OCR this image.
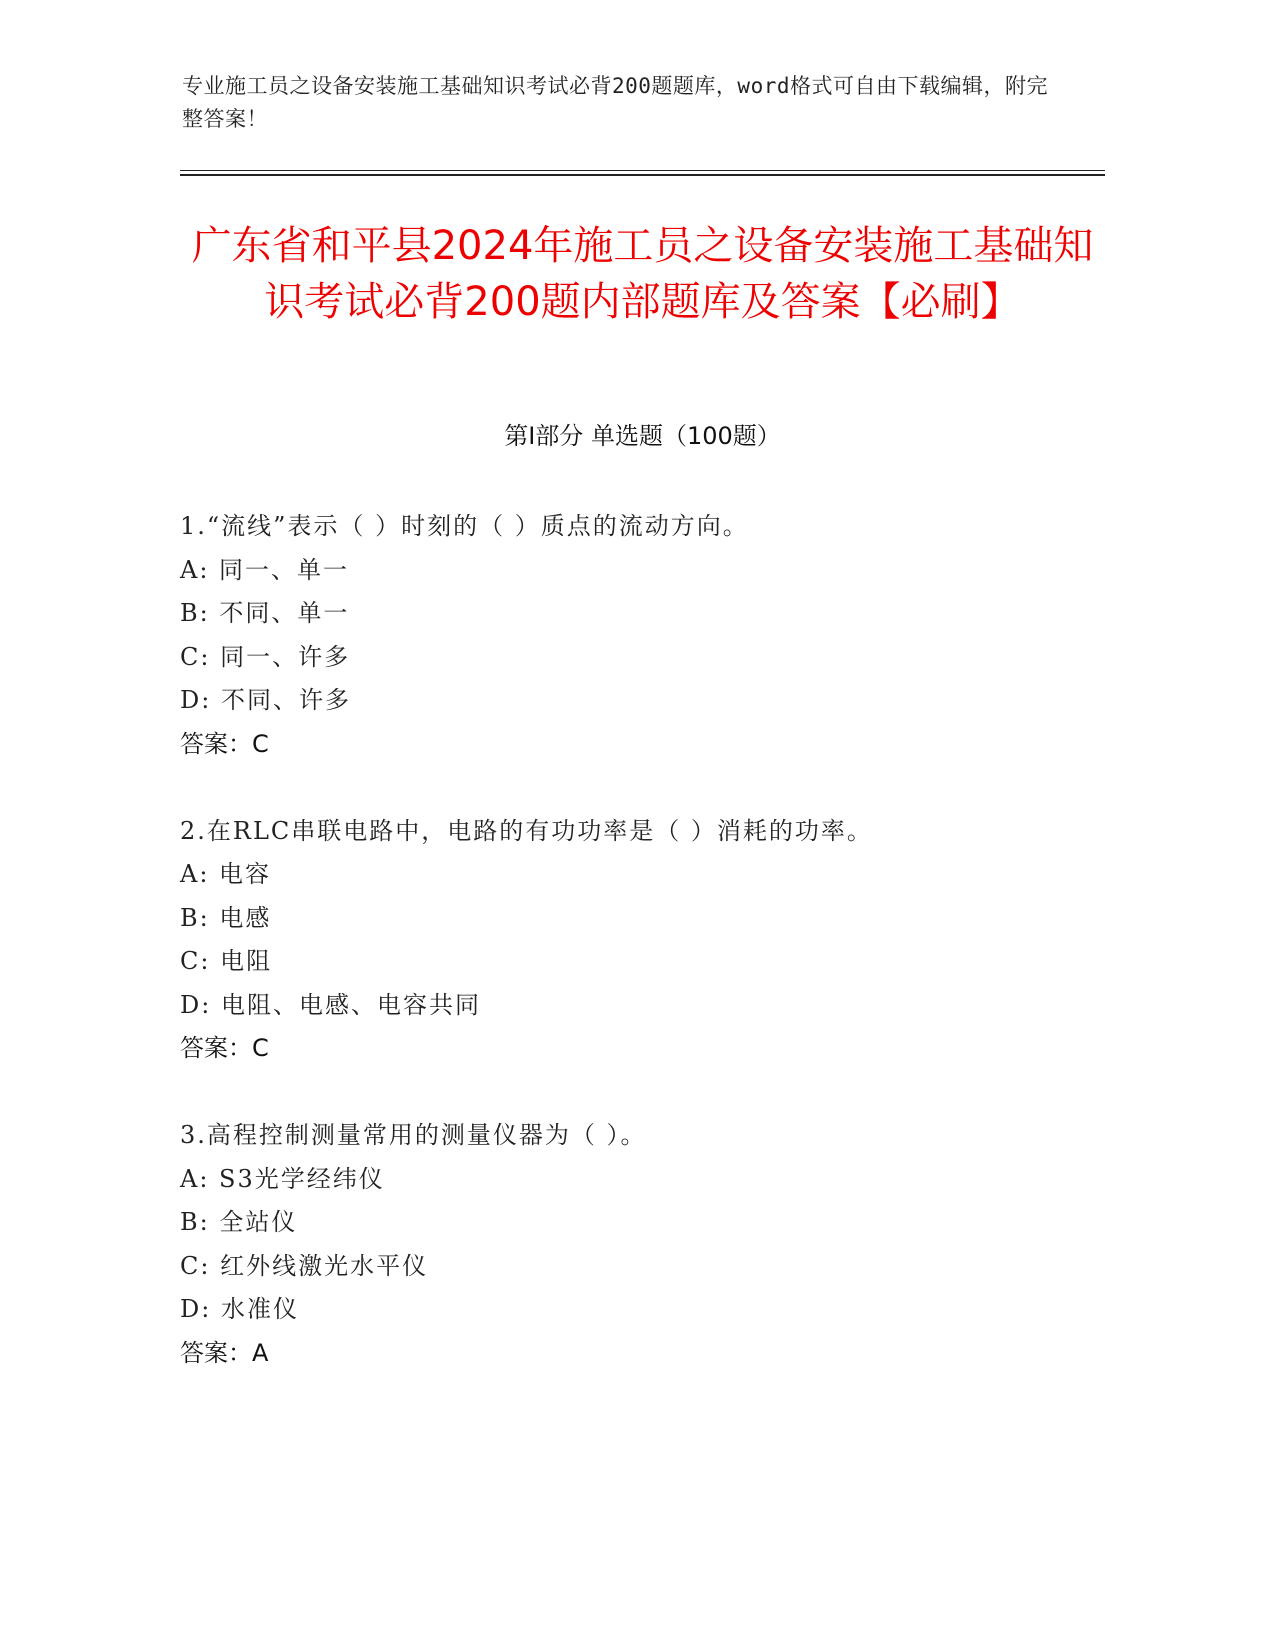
专业施工员之设备安装施工基础知识考试必背200题题库，word格式可自由下载编辑，附完整答案！
广东省和平县2024年施工员之设备安装施工基础知识考试必背200题内部题库及答案【必刷】
第I部分 单选题（100题）
1.“流线”表示（ ）时刻的（ ）质点的流动方向。
A: 同一、单一
B: 不同、单一
C: 同一、许多
D: 不同、许多
答案：C
2.在RLC串联电路中，电路的有功功率是（ ）消耗的功率。
A: 电容
B: 电感
C: 电阻
D: 电阻、电感、电容共同
答案：C
3.高程控制测量常用的测量仪器为（ ）。
A: S3光学经纬仪
B: 全站仪
C: 红外线激光水平仪
D: 水准仪
答案：A
